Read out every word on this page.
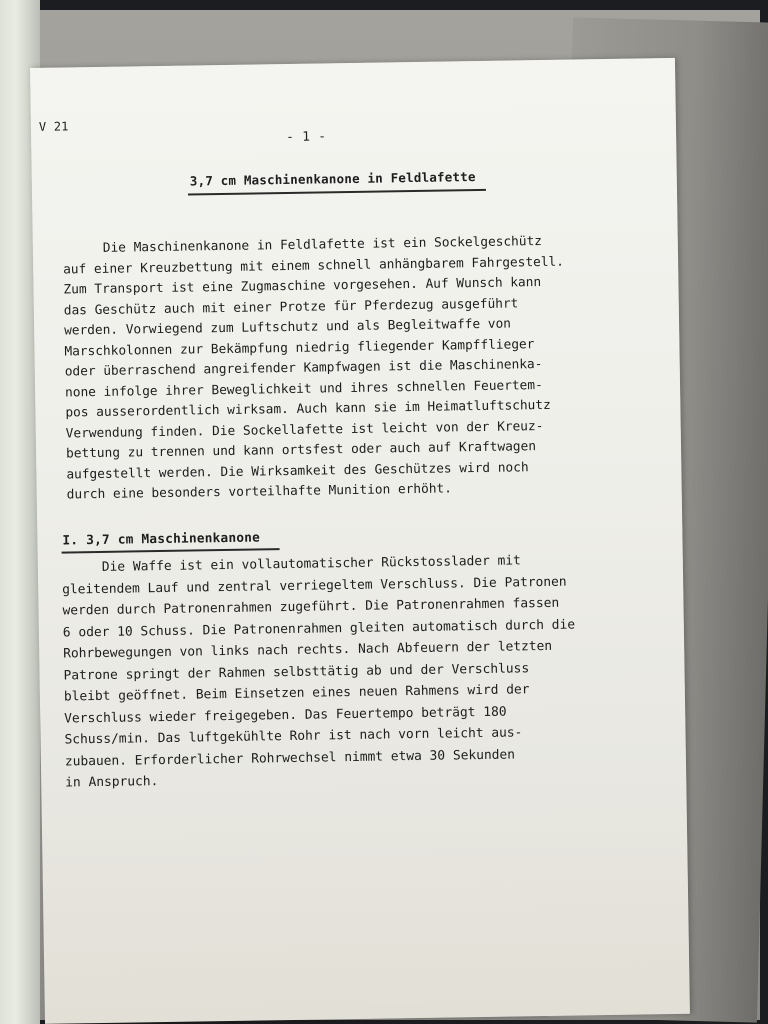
V 21
- 1 -
3,7 cm Maschinenkanone in Feldlafette
Die Maschinenkanone in Feldlafette ist ein Sockelgeschütz
auf einer Kreuzbettung mit einem schnell anhängbarem Fahrgestell.
Zum Transport ist eine Zugmaschine vorgesehen. Auf Wunsch kann
das Geschütz auch mit einer Protze für Pferdezug ausgeführt
werden. Vorwiegend zum Luftschutz und als Begleitwaffe von
Marschkolonnen zur Bekämpfung niedrig fliegender Kampfflieger
oder überraschend angreifender Kampfwagen ist die Maschinenka-
none infolge ihrer Beweglichkeit und ihres schnellen Feuertem-
pos ausserordentlich wirksam. Auch kann sie im Heimatluftschutz
Verwendung finden. Die Sockellafette ist leicht von der Kreuz-
bettung zu trennen und kann ortsfest oder auch auf Kraftwagen
aufgestellt werden. Die Wirksamkeit des Geschützes wird noch
durch eine besonders vorteilhafte Munition erhöht.
I. 3,7 cm Maschinenkanone
Die Waffe ist ein vollautomatischer Rückstosslader mit
gleitendem Lauf und zentral verriegeltem Verschluss. Die Patronen
werden durch Patronenrahmen zugeführt. Die Patronenrahmen fassen
6 oder 10 Schuss. Die Patronenrahmen gleiten automatisch durch die
Rohrbewegungen von links nach rechts. Nach Abfeuern der letzten
Patrone springt der Rahmen selbsttätig ab und der Verschluss
bleibt geöffnet. Beim Einsetzen eines neuen Rahmens wird der
Verschluss wieder freigegeben. Das Feuertempo beträgt 180
Schuss/min. Das luftgekühlte Rohr ist nach vorn leicht aus-
zubauen. Erforderlicher Rohrwechsel nimmt etwa 30 Sekunden
in Anspruch.
